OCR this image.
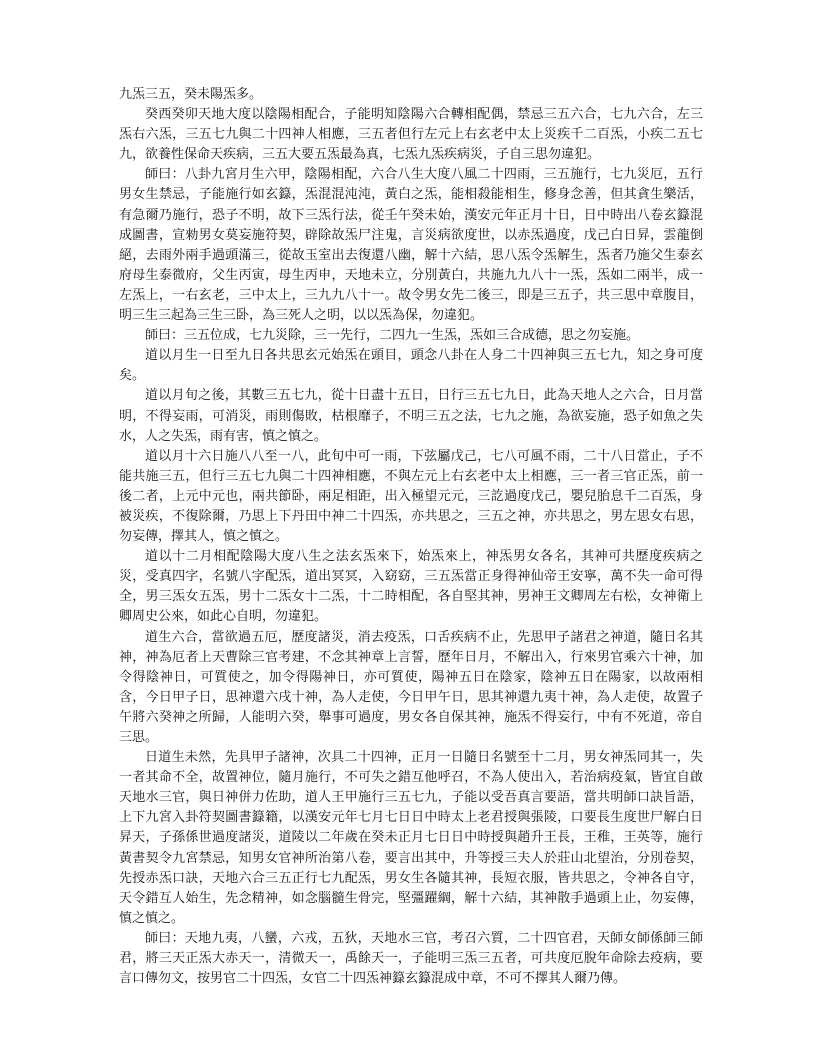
九炁三五，癸未陽炁多。

癸西癸卯天地大度以陰陽相配合，子能明知陰陽六合轉相配偶，禁忌三五六合，七九六合，左三炁右六炁，三五七九與二十四神人相應，三五者但行左元上右玄老中太上災疾千二百炁，小疾二五七九，欲養性保命天疾病，三五大要五炁最為真，七炁九炁疾病災，子自三思勿違犯。

師曰：八卦九宮月生六甲，陰陽相配，六合八生大度八風二十四雨，三五施行，七九災厄，五行男女生禁忌，子能施行如玄籙，炁混混沌沌，黃白之炁，能相殺能相生，修身念善，但其貪生樂活，有急爾乃施行，恐子不明，故下三炁行法，從壬午癸未始，漢安元年正月十日，日中時出八卷玄籙混成圖書，宣勑男女莫妄施符契，辟除故炁尸注鬼，言災病欲度世，以赤炁過度，戊己白日昇，雲龍倒絕，去雨外兩手過頭滿三，從故玉室出去復還八幽，解十六結，思八炁令炁解生，炁者乃施父生泰玄府母生泰微府，父生丙寅，母生丙申，天地未立，分別黃白，共施九九八十一炁，炁如二兩半，成一左炁上，一右玄老，三中太上，三九九八十一。故令男女先二後三，即是三五子，共三思中章腹目，明三生三起為三生三卧，為三死人之明，以以炁為保，勿違犯。

師曰：三五位成，七九災除，三一先行，二四九一生炁，炁如三合成德，思之勿妄施。

道以月生一日至九日各共思玄元始炁在頭目，頭念八卦在人身二十四神與三五七九，知之身可度矣。

道以月旬之後，其數三五七九，從十日盡十五日，日行三五七九日，此為天地人之六合，日月當明，不得妄雨，可消災，雨則傷敗，枯根靡子，不明三五之法，七九之施，為欲妄施，恐子如魚之失水，人之失炁，雨有害，慎之慎之。

道以月十六日施八八至一八，此旬中可一雨，下弦屬戊己，七八可風不雨，二十八日當止，子不能共施三五，但行三五七九與二十四神相應，不與左元上右玄老中太上相應，三一者三官正炁，前一後二者，上元中元也，兩共節卧，兩足相距，出入極望元元，三訖過度戊己，嬰兒胎息千二百炁，身被災疾，不復除爾，乃思上下丹田中神二十四炁，亦共思之，三五之神，亦共思之，男左思女右思，勿妄傳，擇其人，慎之慎之。

道以十二月相配陰陽大度八生之法玄炁來下，始炁來上，神炁男女各名，其神可共歷度疾病之災，受真四字，名號八字配炁，道出冥冥，入窈窈，三五炁當正身得神仙帝王安寧，萬不失一命可得全，男三炁女五炁，男十二炁女十二炁，十二時相配，各自堅其神，男神王文卿周左右松，女神衛上卿周史公來，如此心自明，勿違犯。

道生六合，當欲過五厄，歷度諸災，消去疫炁，口舌疾病不止，先思甲子諸君之神道，隨日名其神，神為厄者上天曹除三官考建，不念其神章上言誓，歷年日月，不解出入，行來男官乘六十神，加令得陰神日，可質使之，加令得陽神日，亦可質使，陽神五日在陰家，陰神五日在陽家，以故兩相含，今日甲子日，思神還六戌十神，為人走使，今日甲午日，思其神還九夷十神，為人走使，故置子午將六癸神之所歸，人能明六癸，舉事可過度，男女各自保其神，施炁不得妄行，中有不死道，帝自三思。

日道生未然，先具甲子諸神，次具二十四神，正月一日隨日名號至十二月，男女神炁同其一，失一者其命不全，故置神位，隨月施行，不可失之錯互他呼召，不為人使出入，若治病疫氣，皆宜自啟天地水三官，與日神併力佐助，道人王甲施行三五七九，子能以受吾真言要語，當共明師口訣旨語，上下九宮入卦符契圖書籙籍，以漢安元年七月七日日中時太上老君授與張陵，口要長生度世尸解白日昇天，子孫係世過度諸災，道陵以二年歲在癸未正月七日日中時授與趙升王長，王稚，王英等，施行黃書契令九宮禁忌，知男女官神所治第八卷，要言出其中，升等授三夫人於莊山北望治，分別卷契，先授赤炁口訣，天地六合三五正行七九配炁，男女生各隨其神，長短衣服，皆共思之，令神各自守，天令錯互人始生，先念精神，如念腦髓生骨完，堅彊躍綱，解十六結，其神散手過頭上止，勿妄傳，慎之慎之。

師曰：天地九夷，八蠻，六戎，五狄，天地水三官，考召六質，二十四官君，天師女師係師三師君，將三天正炁大赤天一，清微天一，禹餘天一，子能明三炁三五者，可共度厄脫年命除去疫病，要言口傳勿文，按男官二十四炁，女官二十四炁神籙玄籙混成中章，不可不擇其人爾乃傳。
